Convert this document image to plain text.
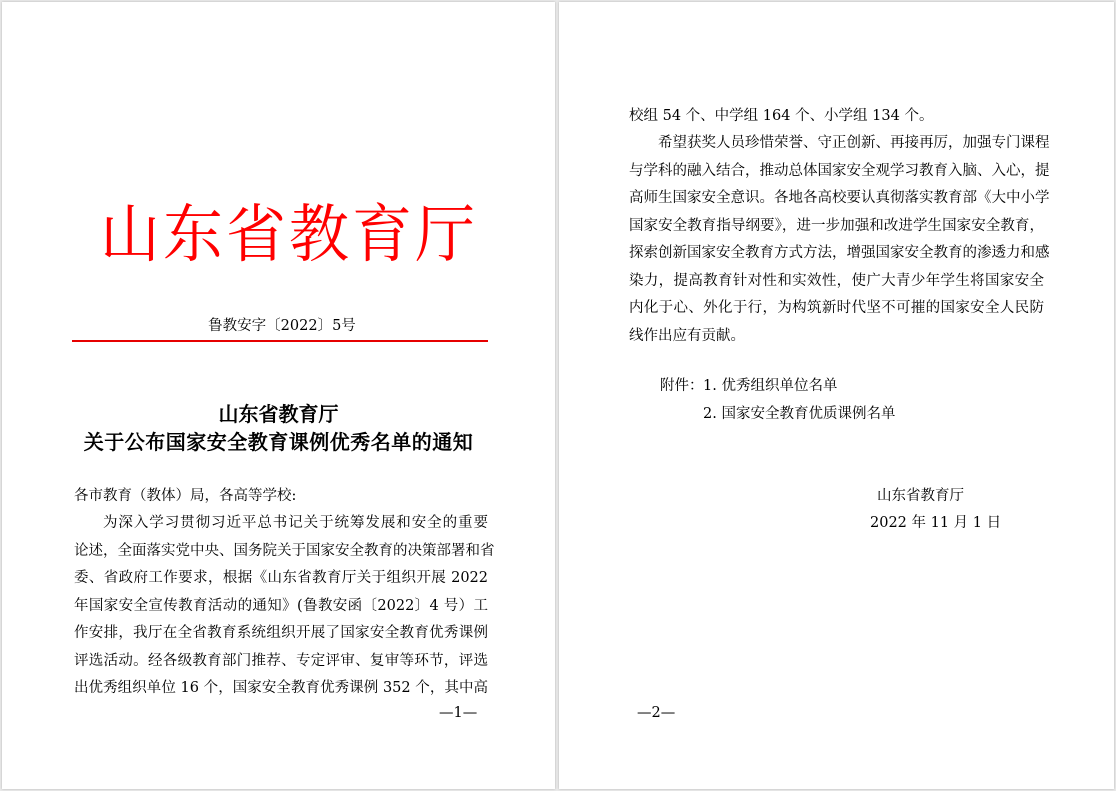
山东省教育厅
鲁教安字〔2022〕5号
山东省教育厅
关于公布国家安全教育课例优秀名单的通知
各市教育（教体）局，各高等学校:
为深入学习贯彻习近平总书记关于统筹发展和安全的重要
论述，全面落实党中央、国务院关于国家安全教育的决策部署和省
委、省政府工作要求，根据《山东省教育厅关于组织开展 2022
年国家安全宣传教育活动的通知》(鲁教安函〔2022〕4 号）工
作安排，我厅在全省教育系统组织开展了国家安全教育优秀课例
评选活动。经各级教育部门推荐、专定评审、复审等环节，评选
出优秀组织单位 16 个，国家安全教育优秀课例 352 个，其中高
—1—
校组 54 个、中学组 164 个、小学组 134 个。
希望获奖人员珍惜荣誉、守正创新、再接再厉，加强专门课程
与学科的融入结合，推动总体国家安全观学习教育入脑、入心，提
高师生国家安全意识。各地各高校要认真彻落实教育部《大中小学
国家安全教育指导纲要》，进一步加强和改进学生国家安全教育，
探索创新国家安全教育方式方法，增强国家安全教育的渗透力和感
染力，提高教育针对性和实效性，使广大青少年学生将国家安全
内化于心、外化于行，为构筑新时代坚不可摧的国家安全人民防
线作出应有贡献。
附件： 1. 优秀组织单位名单
2. 国家安全教育优质课例名单
山东省教育厅
2022 年 11 月 1 日
—2—
